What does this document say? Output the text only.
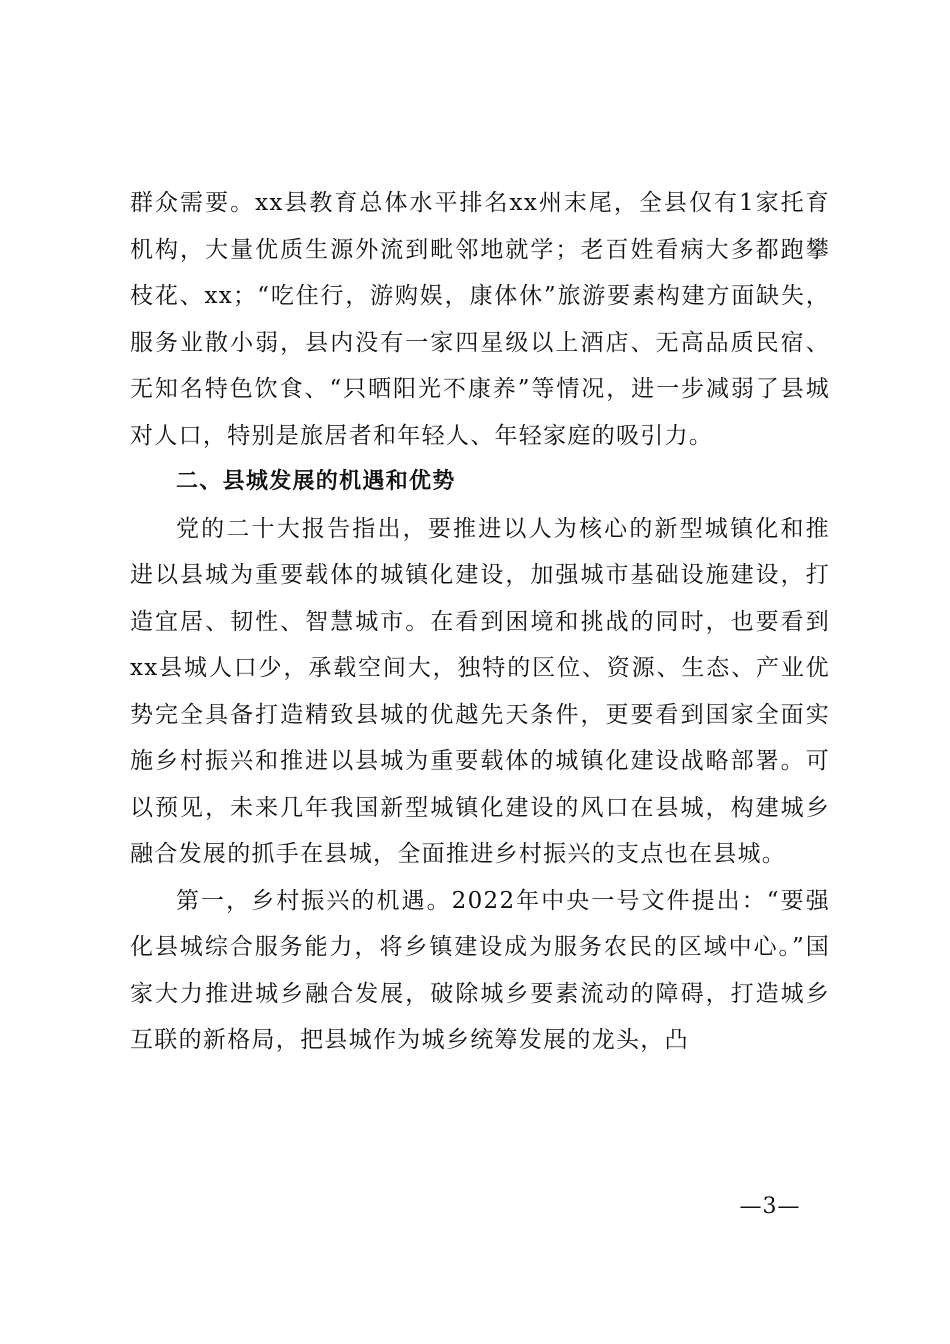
群众需要。xx县教育总体水平排名xx州末尾，全县仅有1家托育机构，大量优质生源外流到毗邻地就学；老百姓看病大多都跑攀枝花、xx；“吃住行，游购娱，康体休”旅游要素构建方面缺失，服务业散小弱，县内没有一家四星级以上酒店、无高品质民宿、无知名特色饮食、“只晒阳光不康养”等情况，进一步减弱了县城对人口，特别是旅居者和年轻人、年轻家庭的吸引力。

二、县城发展的机遇和优势

党的二十大报告指出，要推进以人为核心的新型城镇化和推进以县城为重要载体的城镇化建设，加强城市基础设施建设，打造宜居、韧性、智慧城市。在看到困境和挑战的同时，也要看到xx县城人口少，承载空间大，独特的区位、资源、生态、产业优势完全具备打造精致县城的优越先天条件，更要看到国家全面实施乡村振兴和推进以县城为重要载体的城镇化建设战略部署。可以预见，未来几年我国新型城镇化建设的风口在县城，构建城乡融合发展的抓手在县城，全面推进乡村振兴的支点也在县城。

第一，乡村振兴的机遇。2022年中央一号文件提出：“要强化县城综合服务能力，将乡镇建设成为服务农民的区域中心。”国家大力推进城乡融合发展，破除城乡要素流动的障碍，打造城乡互联的新格局，把县城作为城乡统筹发展的龙头，凸

—3—
